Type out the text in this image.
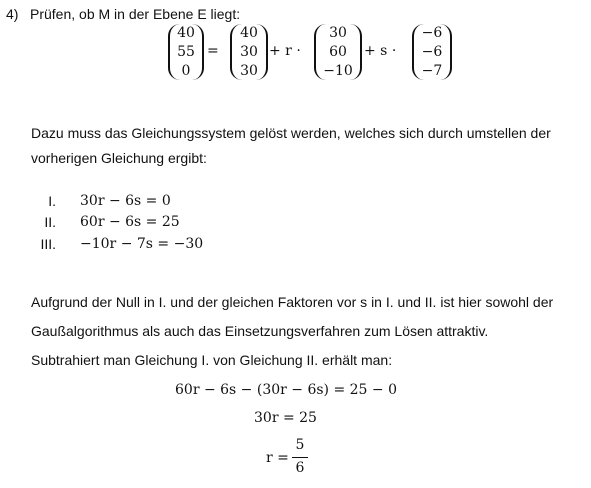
4) Prüfen, ob M in der Ebene E liegt:
40
55
0
=
40
30
30
+ r ·
30
60
−10
+ s ·
−6
−6
−7
Dazu muss das Gleichungssystem gelöst werden, welches sich durch umstellen der
vorherigen Gleichung ergibt:
I. 30r − 6s = 0
II. 60r − 6s = 25
III. −10r − 7s = −30
Aufgrund der Null in I. und der gleichen Faktoren vor s in I. und II. ist hier sowohl der
Gaußalgorithmus als auch das Einsetzungsverfahren zum Lösen attraktiv.
Subtrahiert man Gleichung I. von Gleichung II. erhält man:
60r − 6s − (30r − 6s) = 25 − 0
30r = 25
r =
5
6
